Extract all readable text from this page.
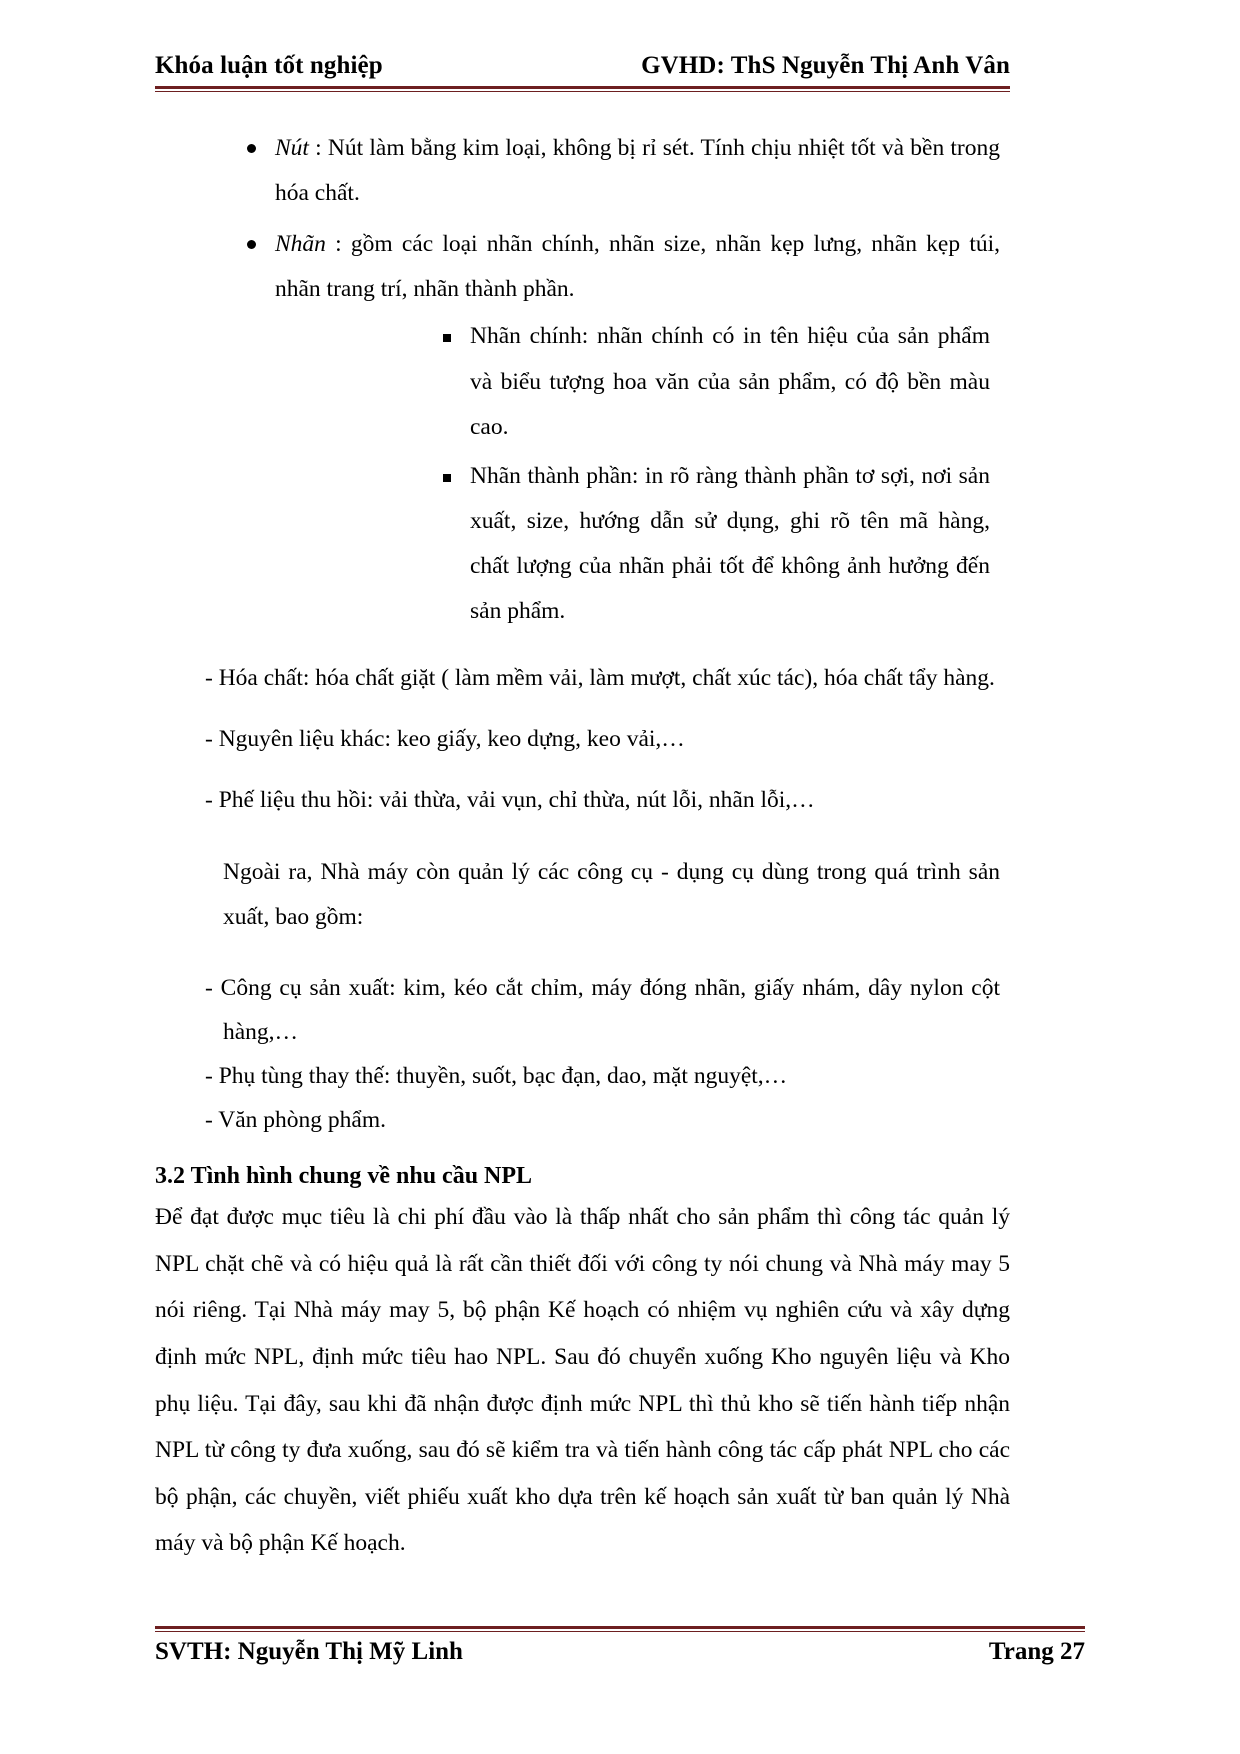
Khóa luận tốt nghiệp	GVHD: ThS Nguyễn Thị Anh Vân
Nút : Nút làm bằng kim loại, không bị rỉ sét. Tính chịu nhiệt tốt và bền trong hóa chất.
Nhãn : gồm các loại nhãn chính, nhãn size, nhãn kẹp lưng, nhãn kẹp túi, nhãn trang trí, nhãn thành phần.
Nhãn chính: nhãn chính có in tên hiệu của sản phẩm và biểu tượng hoa văn của sản phẩm, có độ bền màu cao.
Nhãn thành phần: in rõ ràng thành phần tơ sợi, nơi sản xuất, size, hướng dẫn sử dụng, ghi rõ tên mã hàng, chất lượng của nhãn phải tốt để không ảnh hưởng đến sản phẩm.

- Hóa chất: hóa chất giặt ( làm mềm vải, làm mượt, chất xúc tác), hóa chất tẩy hàng.

- Nguyên liệu khác: keo giấy, keo dựng, keo vải,…

- Phế liệu thu hồi: vải thừa, vải vụn, chỉ thừa, nút lỗi, nhãn lỗi,…

Ngoài ra, Nhà máy còn quản lý các công cụ - dụng cụ dùng trong quá trình sản xuất, bao gồm:

- Công cụ sản xuất: kim, kéo cắt chỉm, máy đóng nhãn, giấy nhám, dây nylon cột hàng,…

- Phụ tùng thay thế: thuyền, suốt, bạc đạn, dao, mặt nguyệt,…

- Văn phòng phẩm.

3.2 Tình hình chung về nhu cầu NPL

Để đạt được mục tiêu là chi phí đầu vào là thấp nhất cho sản phẩm thì công tác quản lý NPL chặt chẽ và có hiệu quả là rất cần thiết đối với công ty nói chung và Nhà máy may 5 nói riêng. Tại Nhà máy may 5, bộ phận Kế hoạch có nhiệm vụ nghiên cứu và xây dựng định mức NPL, định mức tiêu hao NPL. Sau đó chuyển xuống Kho nguyên liệu và Kho phụ liệu. Tại đây, sau khi đã nhận được định mức NPL thì thủ kho sẽ tiến hành tiếp nhận NPL từ công ty đưa xuống, sau đó sẽ kiểm tra và tiến hành công tác cấp phát NPL cho các bộ phận, các chuyền, viết phiếu xuất kho dựa trên kế hoạch sản xuất từ ban quản lý Nhà máy và bộ phận Kế hoạch.

SVTH: Nguyễn Thị Mỹ Linh	Trang 27
